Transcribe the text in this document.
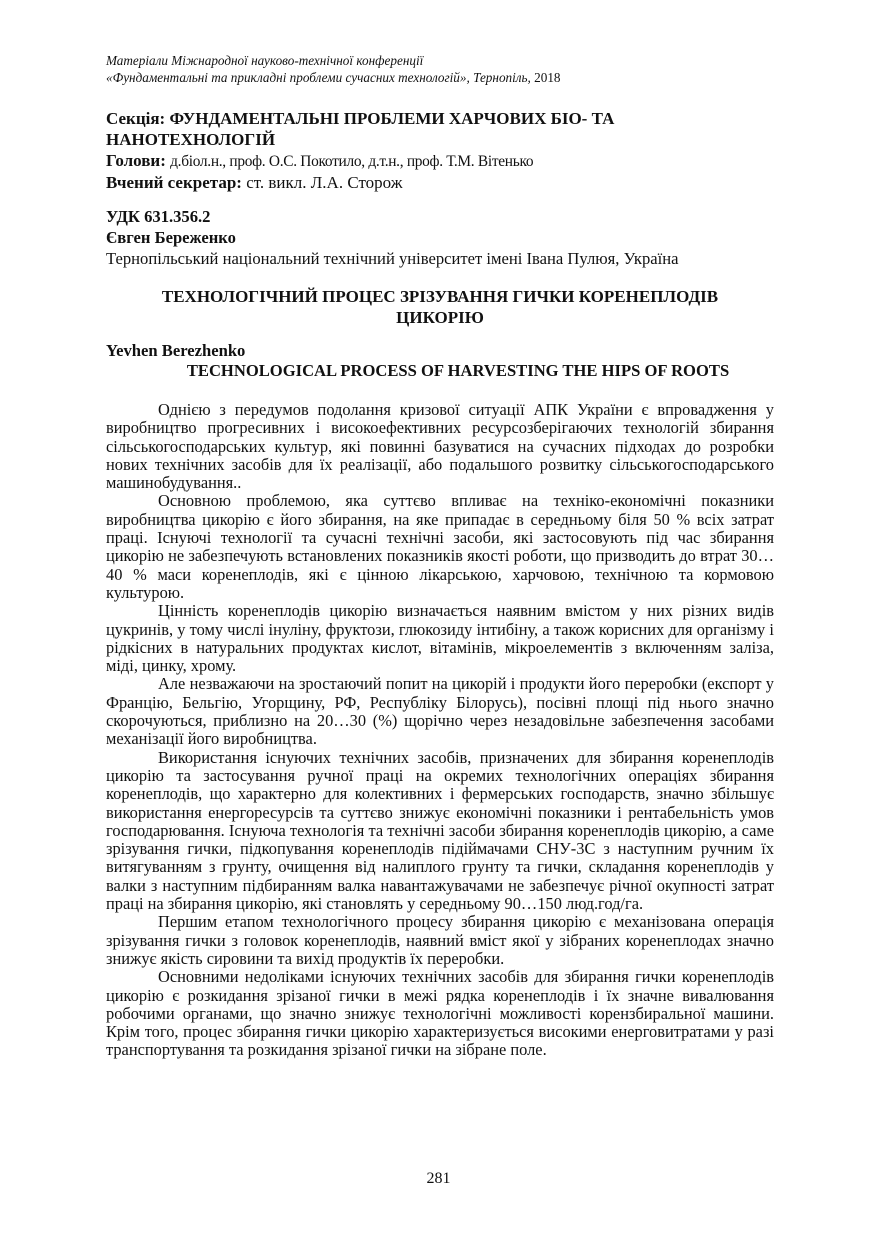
Матеріали Міжнародної науково-технічної конференції
«Фундаментальні та прикладні проблеми сучасних технологій», Тернопіль, 2018
Секція: ФУНДАМЕНТАЛЬНІ ПРОБЛЕМИ ХАРЧОВИХ БІО- ТА
НАНОТЕХНОЛОГІЙ
Голови: д.біол.н., проф. О.С. Покотило, д.т.н., проф. Т.М. Вітенько
Вчений секретар: ст. викл. Л.А. Сторож
УДК 631.356.2
Євген Береженко
Тернопільський національний технічний університет імені Івана Пулюя, Україна
ТЕХНОЛОГІЧНИЙ ПРОЦЕС ЗРІЗУВАННЯ ГИЧКИ КОРЕНЕПЛОДІВ
ЦИКОРІЮ
Yevhen Berezhenko
TECHNOLOGICAL PROCESS OF HARVESTING THE HIPS OF ROOTS

Однією з передумов подолання кризової ситуації АПК України є впровадження у виробництво прогресивних і високоефективних ресурсозберігаючих технологій збирання сільськогосподарських культур, які повинні базуватися на сучасних підходах до розробки нових технічних засобів для їх реалізації, або подальшого розвитку сільськогосподарського машинобудування..

Основною проблемою, яка суттєво впливає на техніко-економічні показники виробництва цикорію є його збирання, на яке припадає в середньому біля 50 % всіх затрат праці. Існуючі технології та сучасні технічні засоби, які застосовують під час збирання цикорію не забезпечують встановлених показників якості роботи, що призводить до втрат 30…40 % маси коренеплодів, які є цінною лікарською, харчовою, технічною та кормовою культурою.

Цінність коренеплодів цикорію визначається наявним вмістом у них різних видів цукринів, у тому числі інуліну, фруктози, глюкозиду інтибіну, а також корисних для організму і рідкісних в натуральних продуктах кислот, вітамінів, мікроелементів з включенням заліза, міді, цинку, хрому.

Але незважаючи на зростаючий попит на цикорій і продукти його переробки (експорт у Францію, Бельгію, Угорщину, РФ, Республіку Білорусь), посівні площі під нього значно скорочуються, приблизно на 20…30 (%) щорічно через незадовільне забезпечення засобами механізації його виробництва.

Використання існуючих технічних засобів, призначених для збирання коренеплодів цикорію та застосування ручної праці на окремих технологічних операціях збирання коренеплодів, що характерно для колективних і фермерських господарств, значно збільшує використання енергоресурсів та суттєво знижує економічні показники і рентабельність умов господарювання. Існуюча технологія та технічні засоби збирання коренеплодів цикорію, а саме зрізування гички, підкопування коренеплодів підіймачами СНУ-3С з наступним ручним їх витягуванням з грунту, очищення від налиплого грунту та гички, складання коренеплодів у валки з наступним підбиранням валка навантажувачами не забезпечує річної окупності затрат праці на збирання цикорію, які становлять у середньому 90…150 люд.год/га.

Першим етапом технологічного процесу збирання цикорію є механізована операція зрізування гички з головок коренеплодів, наявний вміст якої у зібраних коренеплодах значно знижує якість сировини та вихід продуктів їх переробки.

Основними недоліками існуючих технічних засобів для збирання гички коренеплодів цикорію є розкидання зрізаної гички в межі рядка коренеплодів і їх значне вивалювання робочими органами, що значно знижує технологічні можливості корензбиральної машини. Крім того, процес збирання гички цикорію характеризується високими енерговитратами у разі транспортування та розкидання зрізаної гички на зібране поле.

281
